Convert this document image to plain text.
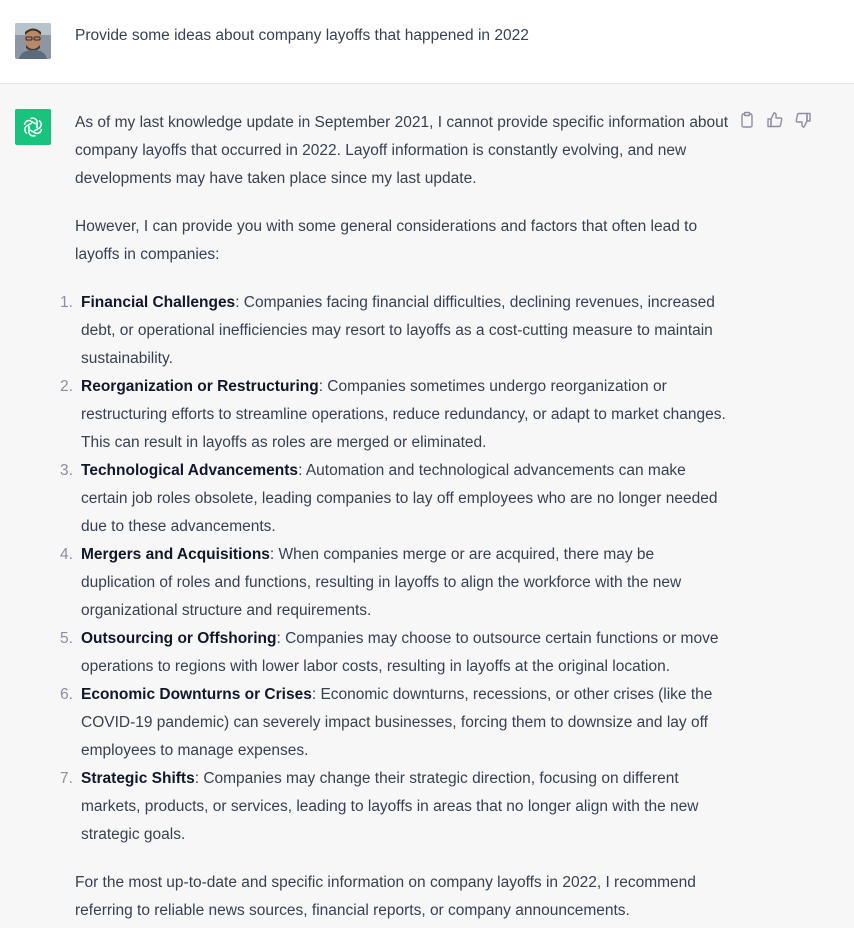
Provide some ideas about company layoffs that happened in 2022

As of my last knowledge update in September 2021, I cannot provide specific information about company layoffs that occurred in 2022. Layoff information is constantly evolving, and new developments may have taken place since my last update.

However, I can provide you with some general considerations and factors that often lead to layoffs in companies:

1. Financial Challenges: Companies facing financial difficulties, declining revenues, increased debt, or operational inefficiencies may resort to layoffs as a cost-cutting measure to maintain sustainability.
2. Reorganization or Restructuring: Companies sometimes undergo reorganization or restructuring efforts to streamline operations, reduce redundancy, or adapt to market changes. This can result in layoffs as roles are merged or eliminated.
3. Technological Advancements: Automation and technological advancements can make certain job roles obsolete, leading companies to lay off employees who are no longer needed due to these advancements.
4. Mergers and Acquisitions: When companies merge or are acquired, there may be duplication of roles and functions, resulting in layoffs to align the workforce with the new organizational structure and requirements.
5. Outsourcing or Offshoring: Companies may choose to outsource certain functions or move operations to regions with lower labor costs, resulting in layoffs at the original location.
6. Economic Downturns or Crises: Economic downturns, recessions, or other crises (like the COVID-19 pandemic) can severely impact businesses, forcing them to downsize and lay off employees to manage expenses.
7. Strategic Shifts: Companies may change their strategic direction, focusing on different markets, products, or services, leading to layoffs in areas that no longer align with the new strategic goals.

For the most up-to-date and specific information on company layoffs in 2022, I recommend referring to reliable news sources, financial reports, or company announcements.
